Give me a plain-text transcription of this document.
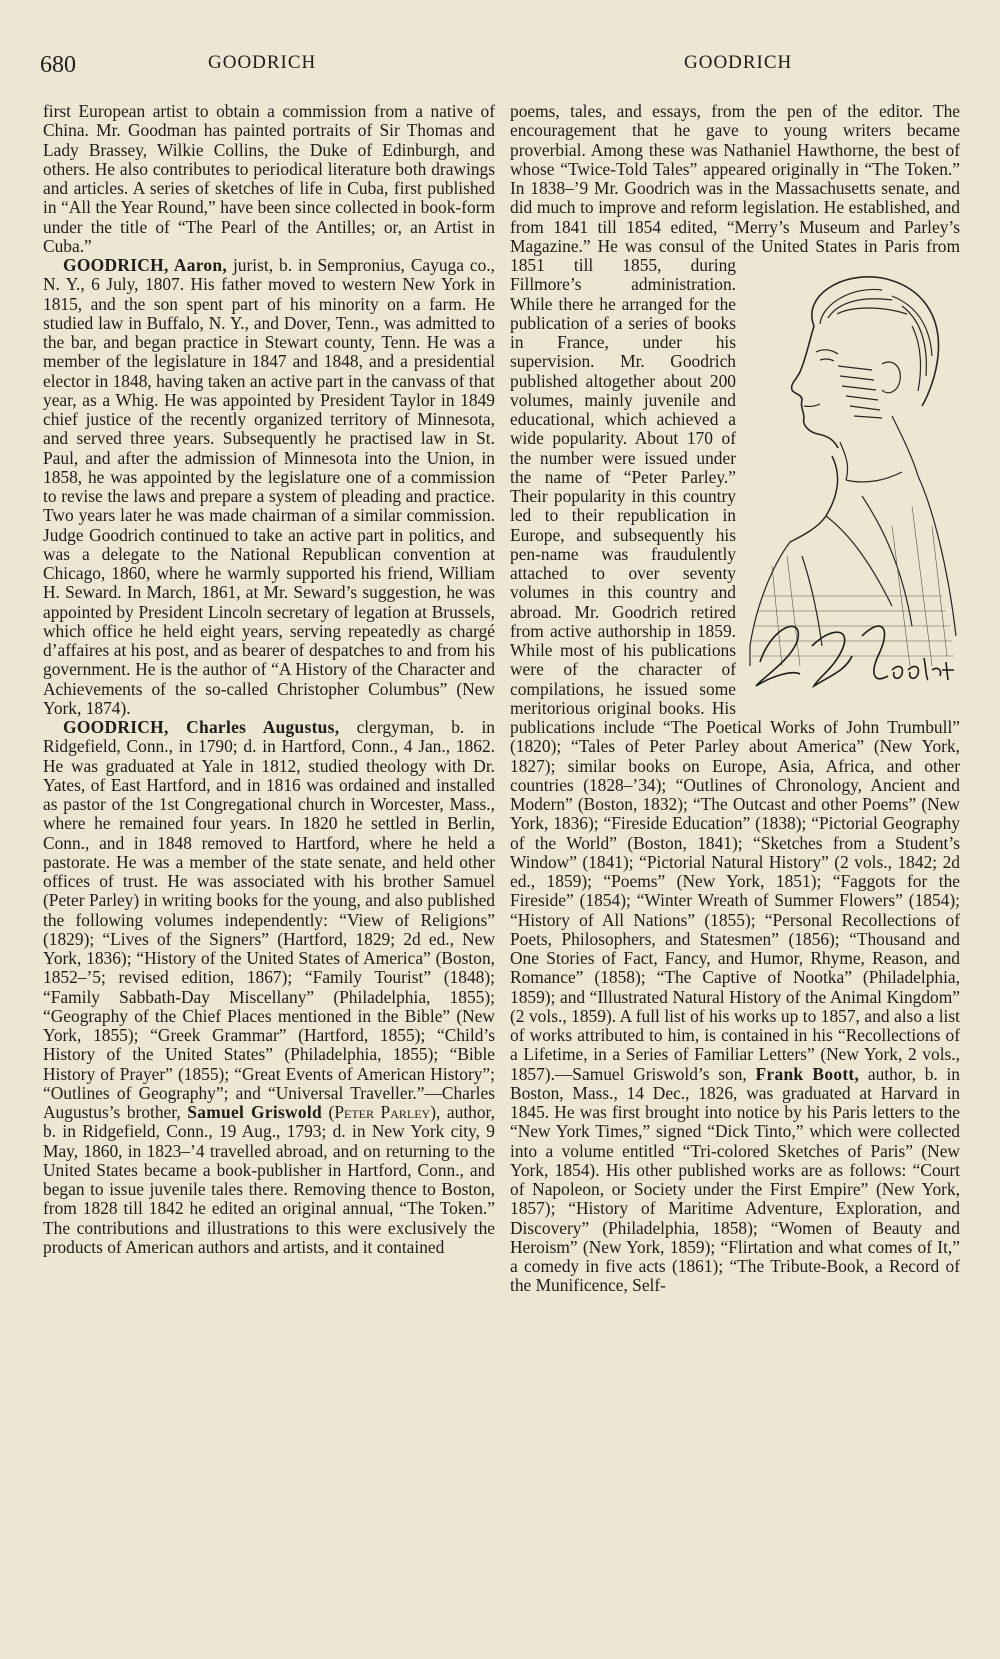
680	GOODRICH	GOODRICH

first European artist to obtain a commission from a native of China. Mr. Goodman has painted portraits of Sir Thomas and Lady Brassey, Wilkie Collins, the Duke of Edinburgh, and others. He also contributes to periodical literature both drawings and articles. A series of sketches of life in Cuba, first published in “All the Year Round,” have been since collected in book-form under the title of “The Pearl of the Antilles; or, an Artist in Cuba.”

GOODRICH, Aaron, jurist, b. in Sempronius, Cayuga co., N. Y., 6 July, 1807. His father moved to western New York in 1815, and the son spent part of his minority on a farm. He studied law in Buffalo, N. Y., and Dover, Tenn., was admitted to the bar, and began practice in Stewart county, Tenn. He was a member of the legislature in 1847 and 1848, and a presidential elector in 1848, having taken an active part in the canvass of that year, as a Whig. He was appointed by President Taylor in 1849 chief justice of the recently organized territory of Minnesota, and served three years. Subsequently he practised law in St. Paul, and after the admission of Minnesota into the Union, in 1858, he was appointed by the legislature one of a commission to revise the laws and prepare a system of pleading and practice. Two years later he was made chairman of a similar commission. Judge Goodrich continued to take an active part in politics, and was a delegate to the National Republican convention at Chicago, 1860, where he warmly supported his friend, William H. Seward. In March, 1861, at Mr. Seward’s suggestion, he was appointed by President Lincoln secretary of legation at Brussels, which office he held eight years, serving repeatedly as chargé d’affaires at his post, and as bearer of despatches to and from his government. He is the author of “A History of the Character and Achievements of the so-called Christopher Columbus” (New York, 1874).

GOODRICH, Charles Augustus, clergyman, b. in Ridgefield, Conn., in 1790; d. in Hartford, Conn., 4 Jan., 1862. He was graduated at Yale in 1812, studied theology with Dr. Yates, of East Hartford, and in 1816 was ordained and installed as pastor of the 1st Congregational church in Worcester, Mass., where he remained four years. In 1820 he settled in Berlin, Conn., and in 1848 removed to Hartford, where he held a pastorate. He was a member of the state senate, and held other offices of trust. He was associated with his brother Samuel (Peter Parley) in writing books for the young, and also published the following volumes independently: “View of Religions” (1829); “Lives of the Signers” (Hartford, 1829; 2d ed., New York, 1836); “History of the United States of America” (Boston, 1852–’5; revised edition, 1867); “Family Tourist” (1848); “Family Sabbath-Day Miscellany” (Philadelphia, 1855); “Geography of the Chief Places mentioned in the Bible” (New York, 1855); “Greek Grammar” (Hartford, 1855); “Child’s History of the United States” (Philadelphia, 1855); “Bible History of Prayer” (1855); “Great Events of American History”; “Outlines of Geography”; and “Universal Traveller.”—Charles Augustus’s brother, Samuel Griswold (Peter Parley), author, b. in Ridgefield, Conn., 19 Aug., 1793; d. in New York city, 9 May, 1860, in 1823–’4 travelled abroad, and on returning to the United States became a book-publisher in Hartford, Conn., and began to issue juvenile tales there. Removing thence to Boston, from 1828 till 1842 he edited an original annual, “The Token.” The contributions and illustrations to this were exclusively the products of American authors and artists, and it contained

poems, tales, and essays, from the pen of the editor. The encouragement that he gave to young writers became proverbial. Among these was Nathaniel Hawthorne, the best of whose “Twice-Told Tales” appeared originally in “The Token.” In 1838–’9 Mr. Goodrich was in the Massachusetts senate, and did much to improve and reform legislation. He established, and from 1841 till 1854 edited, “Merry’s Museum and Parley’s Magazine.” He was consul of the United States in Paris from 1851 till 1855, during Fillmore’s administration. While there he arranged for the publication of a series of books in France, under his supervision. Mr. Goodrich published altogether about 200 volumes, mainly juvenile and educational, which achieved a wide popularity. About 170 of the number were issued under the name of “Peter Parley.” Their popularity in this country led to their republication in Europe, and subsequently his pen-name was fraudulently attached to over seventy volumes in this country and abroad. Mr. Goodrich retired from active authorship in 1859. While most of his publications were of the character of compilations, he issued some meritorious original books. His publications include “The Poetical Works of John Trumbull” (1820); “Tales of Peter Parley about America” (New York, 1827); similar books on Europe, Asia, Africa, and other countries (1828–’34); “Outlines of Chronology, Ancient and Modern” (Boston, 1832); “The Outcast and other Poems” (New York, 1836); “Fireside Education” (1838); “Pictorial Geography of the World” (Boston, 1841); “Sketches from a Student’s Window” (1841); “Pictorial Natural History” (2 vols., 1842; 2d ed., 1859); “Poems” (New York, 1851); “Faggots for the Fireside” (1854); “Winter Wreath of Summer Flowers” (1854); “History of All Nations” (1855); “Personal Recollections of Poets, Philosophers, and Statesmen” (1856); “Thousand and One Stories of Fact, Fancy, and Humor, Rhyme, Reason, and Romance” (1858); “The Captive of Nootka” (Philadelphia, 1859); and “Illustrated Natural History of the Animal Kingdom” (2 vols., 1859). A full list of his works up to 1857, and also a list of works attributed to him, is contained in his “Recollections of a Lifetime, in a Series of Familiar Letters” (New York, 2 vols., 1857).—Samuel Griswold’s son, Frank Boott, author, b. in Boston, Mass., 14 Dec., 1826, was graduated at Harvard in 1845. He was first brought into notice by his Paris letters to the “New York Times,” signed “Dick Tinto,” which were collected into a volume entitled “Tri-colored Sketches of Paris” (New York, 1854). His other published works are as follows: “Court of Napoleon, or Society under the First Empire” (New York, 1857); “History of Maritime Adventure, Exploration, and Discovery” (Philadelphia, 1858); “Women of Beauty and Heroism” (New York, 1859); “Flirtation and what comes of It,” a comedy in five acts (1861); “The Tribute-Book, a Record of the Munificence, Self-
